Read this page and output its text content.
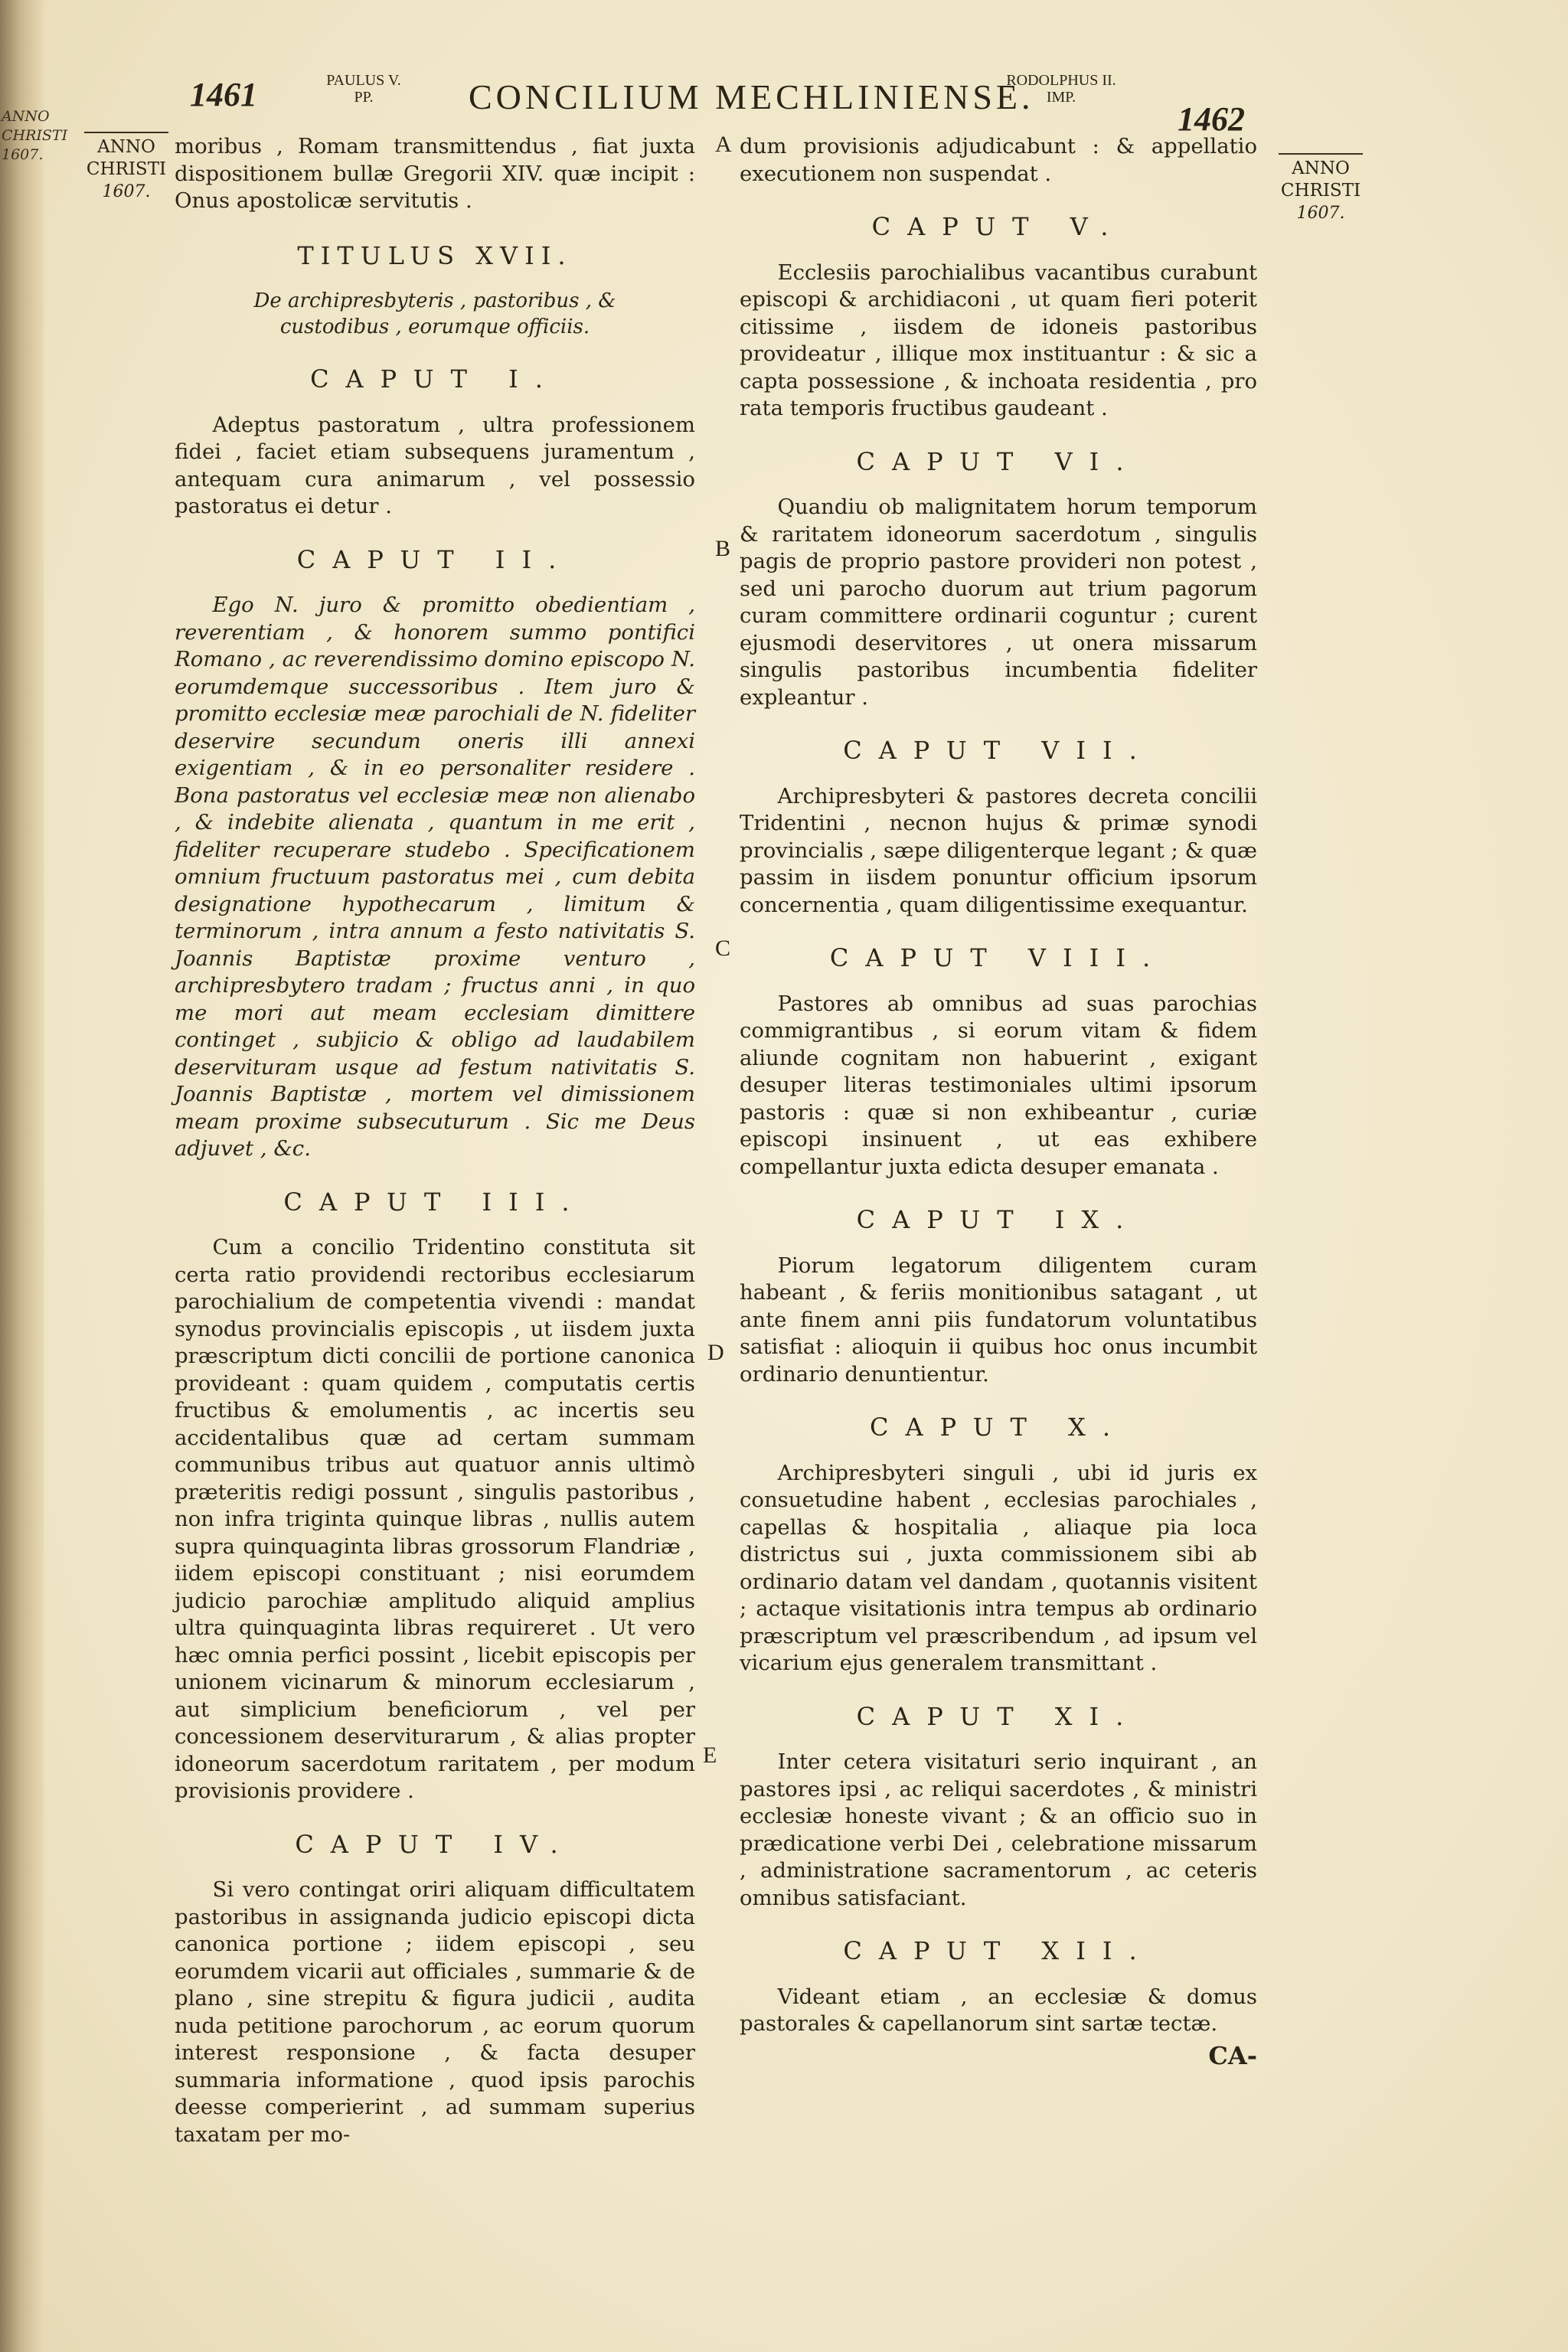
ANNO
CHRISTI
1607.
1461	PAULUS V.
PP.	CONCILIUM MECHLINIENSE.
RODOLPHUS II.
IMP.
1462
ANNO
CHRISTI
1607.
ANNO
CHRISTI
1607.
A
B
C
D
E

moribus , Romam transmittendus , fiat juxta dispositionem bullæ Gregorii XIV. quæ incipit : Onus apostolicæ servitutis .

TITULUS XVII.
De archipresbyteris , pastoribus , & custodibus , eorumque officiis.
CAPUT I.

Adeptus pastoratum , ultra professionem fidei , faciet etiam subsequens juramentum , antequam cura animarum , vel possessio pastoratus ei detur .

CAPUT II.

Ego N. juro & promitto obedientiam , reverentiam , & honorem summo pontifici Romano , ac reverendissimo domino episcopo N. eorumdemque successoribus . Item juro & promitto ecclesiæ meæ parochiali de N. fideliter deservire secundum oneris illi annexi exigentiam , & in eo personaliter residere . Bona pastoratus vel ecclesiæ meæ non alienabo , & indebite alienata , quantum in me erit , fideliter recuperare studebo . Specificationem omnium fructuum pastoratus mei , cum debita designatione hypothecarum , limitum & terminorum , intra annum a festo nativitatis S. Joannis Baptistæ proxime venturo , archipresbytero tradam ; fructus anni , in quo me mori aut meam ecclesiam dimittere continget , subjicio & obligo ad laudabilem deservituram usque ad festum nativitatis S. Joannis Baptistæ , mortem vel dimissionem meam proxime subsecuturum . Sic me Deus adjuvet , &c.

CAPUT III.

Cum a concilio Tridentino constituta sit certa ratio providendi rectoribus ecclesiarum parochialium de competentia vivendi : mandat synodus provincialis episcopis , ut iisdem juxta præscriptum dicti concilii de portione canonica provideant : quam quidem , computatis certis fructibus & emolumentis , ac incertis seu accidentalibus quæ ad certam summam communibus tribus aut quatuor annis ultimò præteritis redigi possunt , singulis pastoribus , non infra triginta quinque libras , nullis autem supra quinquaginta libras grossorum Flandriæ , iidem episcopi constituant ; nisi eorumdem judicio parochiæ amplitudo aliquid amplius ultra quinquaginta libras requireret . Ut vero hæc omnia perfici possint , licebit episcopis per unionem vicinarum & minorum ecclesiarum , aut simplicium beneficiorum , vel per concessionem deserviturarum , & alias propter idoneorum sacerdotum raritatem , per modum provisionis providere .

CAPUT IV.

Si vero contingat oriri aliquam difficultatem pastoribus in assignanda judicio episcopi dicta canonica portione ; iidem episcopi , seu eorumdem vicarii aut officiales , summarie & de plano , sine strepitu & figura judicii , audita nuda petitione parochorum , ac eorum quorum interest responsione , & facta desuper summaria informatione , quod ipsis parochis deesse comperierint , ad summam superius taxatam per mo-

dum provisionis adjudicabunt : & appellatio executionem non suspendat .

CAPUT V.

Ecclesiis parochialibus vacantibus curabunt episcopi & archidiaconi , ut quam fieri poterit citissime , iisdem de idoneis pastoribus provideatur , illique mox instituantur : & sic a capta possessione , & inchoata residentia , pro rata temporis fructibus gaudeant .

CAPUT VI.

Quandiu ob malignitatem horum temporum & raritatem idoneorum sacerdotum , singulis pagis de proprio pastore provideri non potest , sed uni parocho duorum aut trium pagorum curam committere ordinarii coguntur ; curent ejusmodi deservitores , ut onera missarum singulis pastoribus incumbentia fideliter expleantur .

CAPUT VII.

Archipresbyteri & pastores decreta concilii Tridentini , necnon hujus & primæ synodi provincialis , sæpe diligenterque legant ; & quæ passim in iisdem ponuntur officium ipsorum concernentia , quam diligentissime exequantur.

CAPUT VIII.

Pastores ab omnibus ad suas parochias commigrantibus , si eorum vitam & fidem aliunde cognitam non habuerint , exigant desuper literas testimoniales ultimi ipsorum pastoris : quæ si non exhibeantur , curiæ episcopi insinuent , ut eas exhibere compellantur juxta edicta desuper emanata .

CAPUT IX.

Piorum legatorum diligentem curam habeant , & feriis monitionibus satagant , ut ante finem anni piis fundatorum voluntatibus satisfiat : alioquin ii quibus hoc onus incumbit ordinario denuntientur.

CAPUT X.

Archipresbyteri singuli , ubi id juris ex consuetudine habent , ecclesias parochiales , capellas & hospitalia , aliaque pia loca districtus sui , juxta commissionem sibi ab ordinario datam vel dandam , quotannis visitent ; actaque visitationis intra tempus ab ordinario præscriptum vel præscribendum , ad ipsum vel vicarium ejus generalem transmittant .

CAPUT XI.

Inter cetera visitaturi serio inquirant , an pastores ipsi , ac reliqui sacerdotes , & ministri ecclesiæ honeste vivant ; & an officio suo in prædicatione verbi Dei , celebratione missarum , administratione sacramentorum , ac ceteris omnibus satisfaciant.

CAPUT XII.

Videant etiam , an ecclesiæ & domus pastorales & capellanorum sint sartæ tectæ.

CA-
